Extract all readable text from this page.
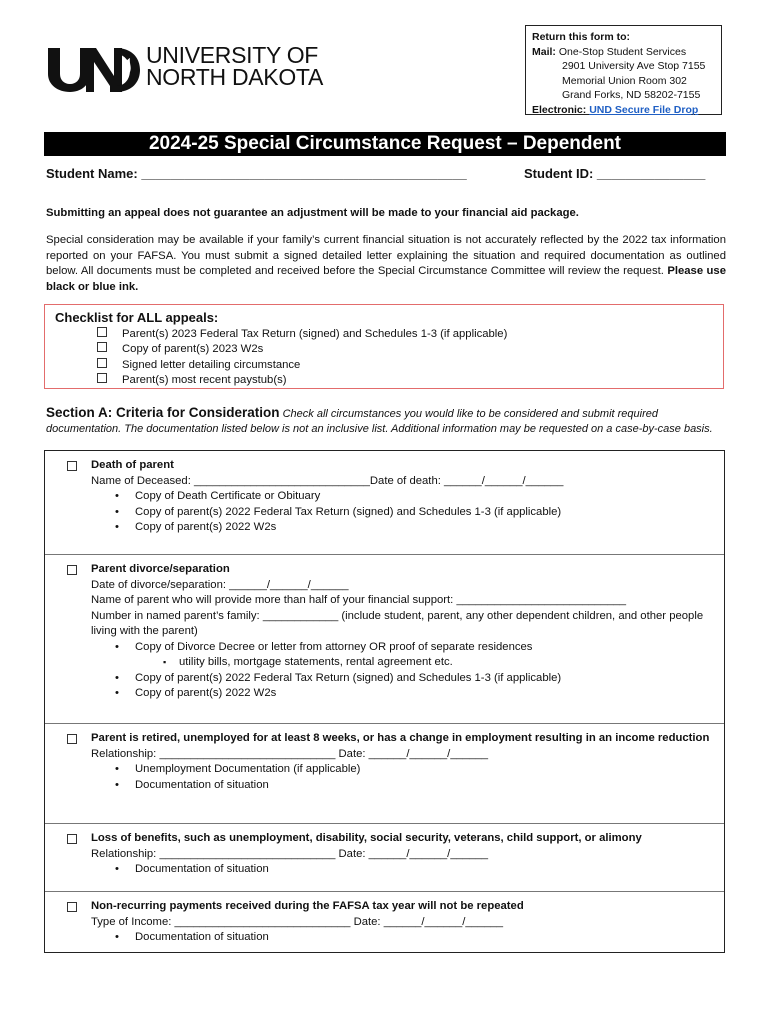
UNIVERSITY OF
NORTH DAKOTA
Return this form to:
Mail: One-Stop Student Services
2901 University Ave Stop 7155
Memorial Union Room 302
Grand Forks, ND 58202-7155
Electronic: UND Secure File Drop
2024-25 Special Circumstance Request – Dependent
Student Name: _____________________________________________	Student ID: _______________
Submitting an appeal does not guarantee an adjustment will be made to your financial aid package.
Special consideration may be available if your family’s current financial situation is not accurately reflected by the 2022 tax information reported on your FAFSA. You must submit a signed detailed letter explaining the situation and required documentation as outlined below. All documents must be completed and received before the Special Circumstance Committee will review the request. Please use black or blue ink.
Checklist for ALL appeals:
Parent(s) 2023 Federal Tax Return (signed) and Schedules 1-3 (if applicable)
Copy of parent(s) 2023 W2s
Signed letter detailing circumstance
Parent(s) most recent paystub(s)
Section A: Criteria for Consideration Check all circumstances you would like to be considered and submit required documentation. The documentation listed below is not an inclusive list. Additional information may be requested on a case-by-case basis.
Death of parent
Name of Deceased: ____________________________Date of death: ______/______/______
• Copy of Death Certificate or Obituary
• Copy of parent(s) 2022 Federal Tax Return (signed) and Schedules 1-3 (if applicable)
• Copy of parent(s) 2022 W2s
Parent divorce/separation
Date of divorce/separation: ______/______/______
Name of parent who will provide more than half of your financial support: ___________________________
Number in named parent’s family: ____________ (include student, parent, any other dependent children, and other people living with the parent)
• Copy of Divorce Decree or letter from attorney OR proof of separate residences
▪ utility bills, mortgage statements, rental agreement etc.
• Copy of parent(s) 2022 Federal Tax Return (signed) and Schedules 1-3 (if applicable)
• Copy of parent(s) 2022 W2s
Parent is retired, unemployed for at least 8 weeks, or has a change in employment resulting in an income reduction
Relationship: ____________________________ Date: ______/______/______
• Unemployment Documentation (if applicable)
• Documentation of situation
Loss of benefits, such as unemployment, disability, social security, veterans, child support, or alimony
Relationship: ____________________________ Date: ______/______/______
• Documentation of situation
Non-recurring payments received during the FAFSA tax year will not be repeated
Type of Income: ____________________________ Date: ______/______/______
• Documentation of situation
